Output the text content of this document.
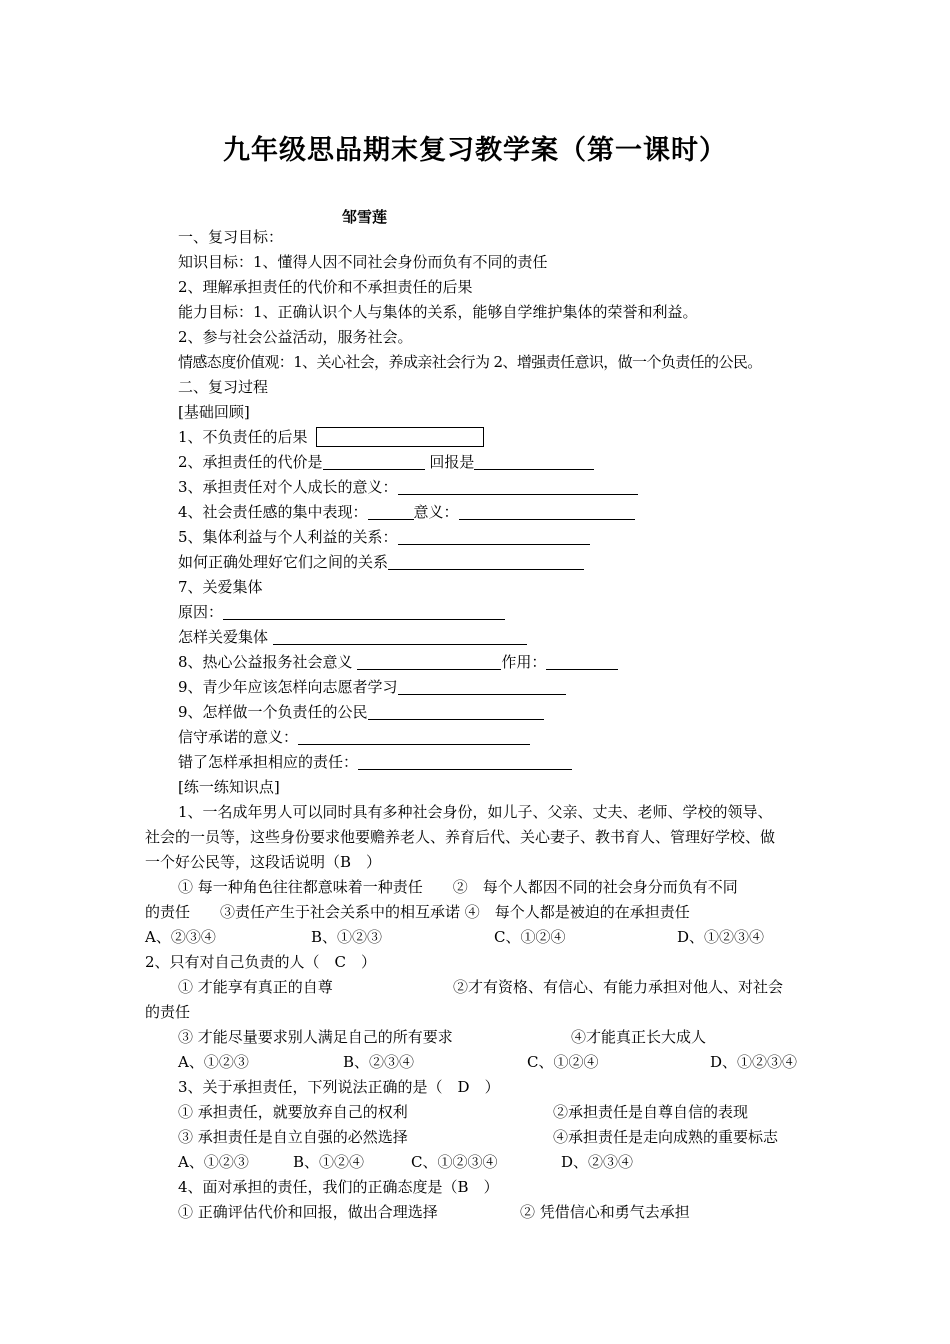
九年级思品期末复习教学案（第一课时）
邹雪莲
一、复习目标：
知识目标：1、懂得人因不同社会身份而负有不同的责任
2、理解承担责任的代价和不承担责任的后果
能力目标：1、正确认识个人与集体的关系，能够自学维护集体的荣誉和利益。
2、参与社会公益活动，服务社会。
情感态度价值观：1、关心社会，养成亲社会行为 2、增强责任意识，做一个负责任的公民。
二、复习过程
[基础回顾]
1、不负责任的后果
2、承担责任的代价是	回报是
3、承担责任对个人成长的意义：
4、社会责任感的集中表现：	意义：
5、集体利益与个人利益的关系：
如何正确处理好它们之间的关系
7、关爱集体
原因：
怎样关爱集体
8、热心公益报务社会意义	作用：
9、青少年应该怎样向志愿者学习
9、怎样做一个负责任的公民
信守承诺的意义：
错了怎样承担相应的责任：
[练一练知识点]
1、一名成年男人可以同时具有多种社会身份，如儿子、父亲、丈夫、老师、学校的领导、
社会的一员等，这些身份要求他要赡养老人、养育后代、关心妻子、教书育人、管理好学校、做
一个好公民等，这段话说明（B　）
① 每一种角色往往都意味着一种责任　　②　每个人都因不同的社会身分而负有不同
的责任　　③责任产生于社会关系中的相互承诺 ④　每个人都是被迫的在承担责任
A、②③④	B、①②③	C、①②④	D、①②③④
2、只有对自己负责的人（　C　）
① 才能享有真正的自尊	②才有资格、有信心、有能力承担对他人、对社会
的责任
③ 才能尽量要求别人满足自己的所有要求	④才能真正长大成人
A、①②③	B、②③④	C、①②④	D、①②③④
3、关于承担责任，下列说法正确的是（　D　）
① 承担责任，就要放弃自己的权利	②承担责任是自尊自信的表现
③ 承担责任是自立自强的必然选择	④承担责任是走向成熟的重要标志
A、①②③	B、①②④	C、①②③④	D、②③④
4、面对承担的责任，我们的正确态度是（B　）
① 正确评估代价和回报，做出合理选择	② 凭借信心和勇气去承担
